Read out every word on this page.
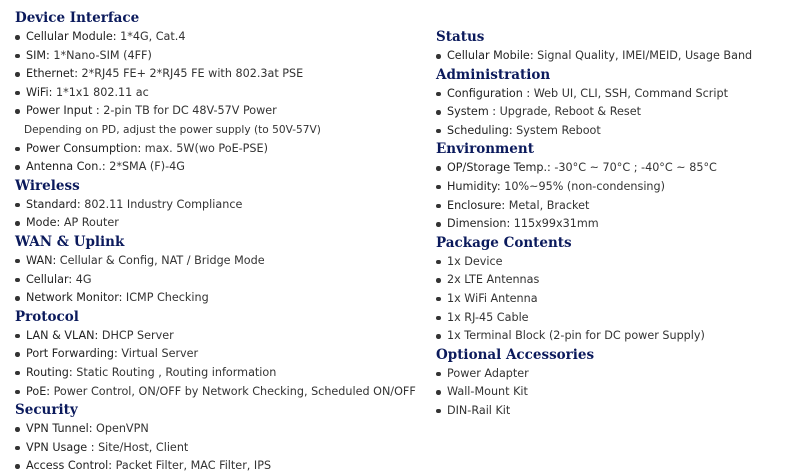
Device Interface
Cellular Module: 1*4G, Cat.4
SIM: 1*Nano-SIM (4FF)
Ethernet: 2*RJ45 FE+ 2*RJ45 FE with 802.3at PSE
WiFi: 1*1x1 802.11 ac
Power Input : 2-pin TB for DC 48V-57V Power
Depending on PD, adjust the power supply (to 50V-57V)
Power Consumption: max. 5W(wo PoE-PSE)
Antenna Con.: 2*SMA (F)-4G
Wireless
Standard: 802.11 Industry Compliance
Mode: AP Router
WAN & Uplink
WAN: Cellular & Config, NAT / Bridge Mode
Cellular: 4G
Network Monitor: ICMP Checking
Protocol
LAN & VLAN: DHCP Server
Port Forwarding: Virtual Server
Routing: Static Routing , Routing information
PoE: Power Control, ON/OFF by Network Checking, Scheduled ON/OFF
Security
VPN Tunnel: OpenVPN
VPN Usage : Site/Host, Client
Access Control: Packet Filter, MAC Filter, IPS
Status
Cellular Mobile: Signal Quality, IMEI/MEID, Usage Band
Administration
Configuration : Web UI, CLI, SSH, Command Script
System : Upgrade, Reboot & Reset
Scheduling: System Reboot
Environment
OP/Storage Temp.: -30°C ~ 70°C ; -40°C ~ 85°C
Humidity: 10%~95% (non-condensing)
Enclosure: Metal, Bracket
Dimension: 115x99x31mm
Package Contents
1x Device
2x LTE Antennas
1x WiFi Antenna
1x RJ-45 Cable
1x Terminal Block (2-pin for DC power Supply)
Optional Accessories
Power Adapter
Wall-Mount Kit
DIN-Rail Kit
